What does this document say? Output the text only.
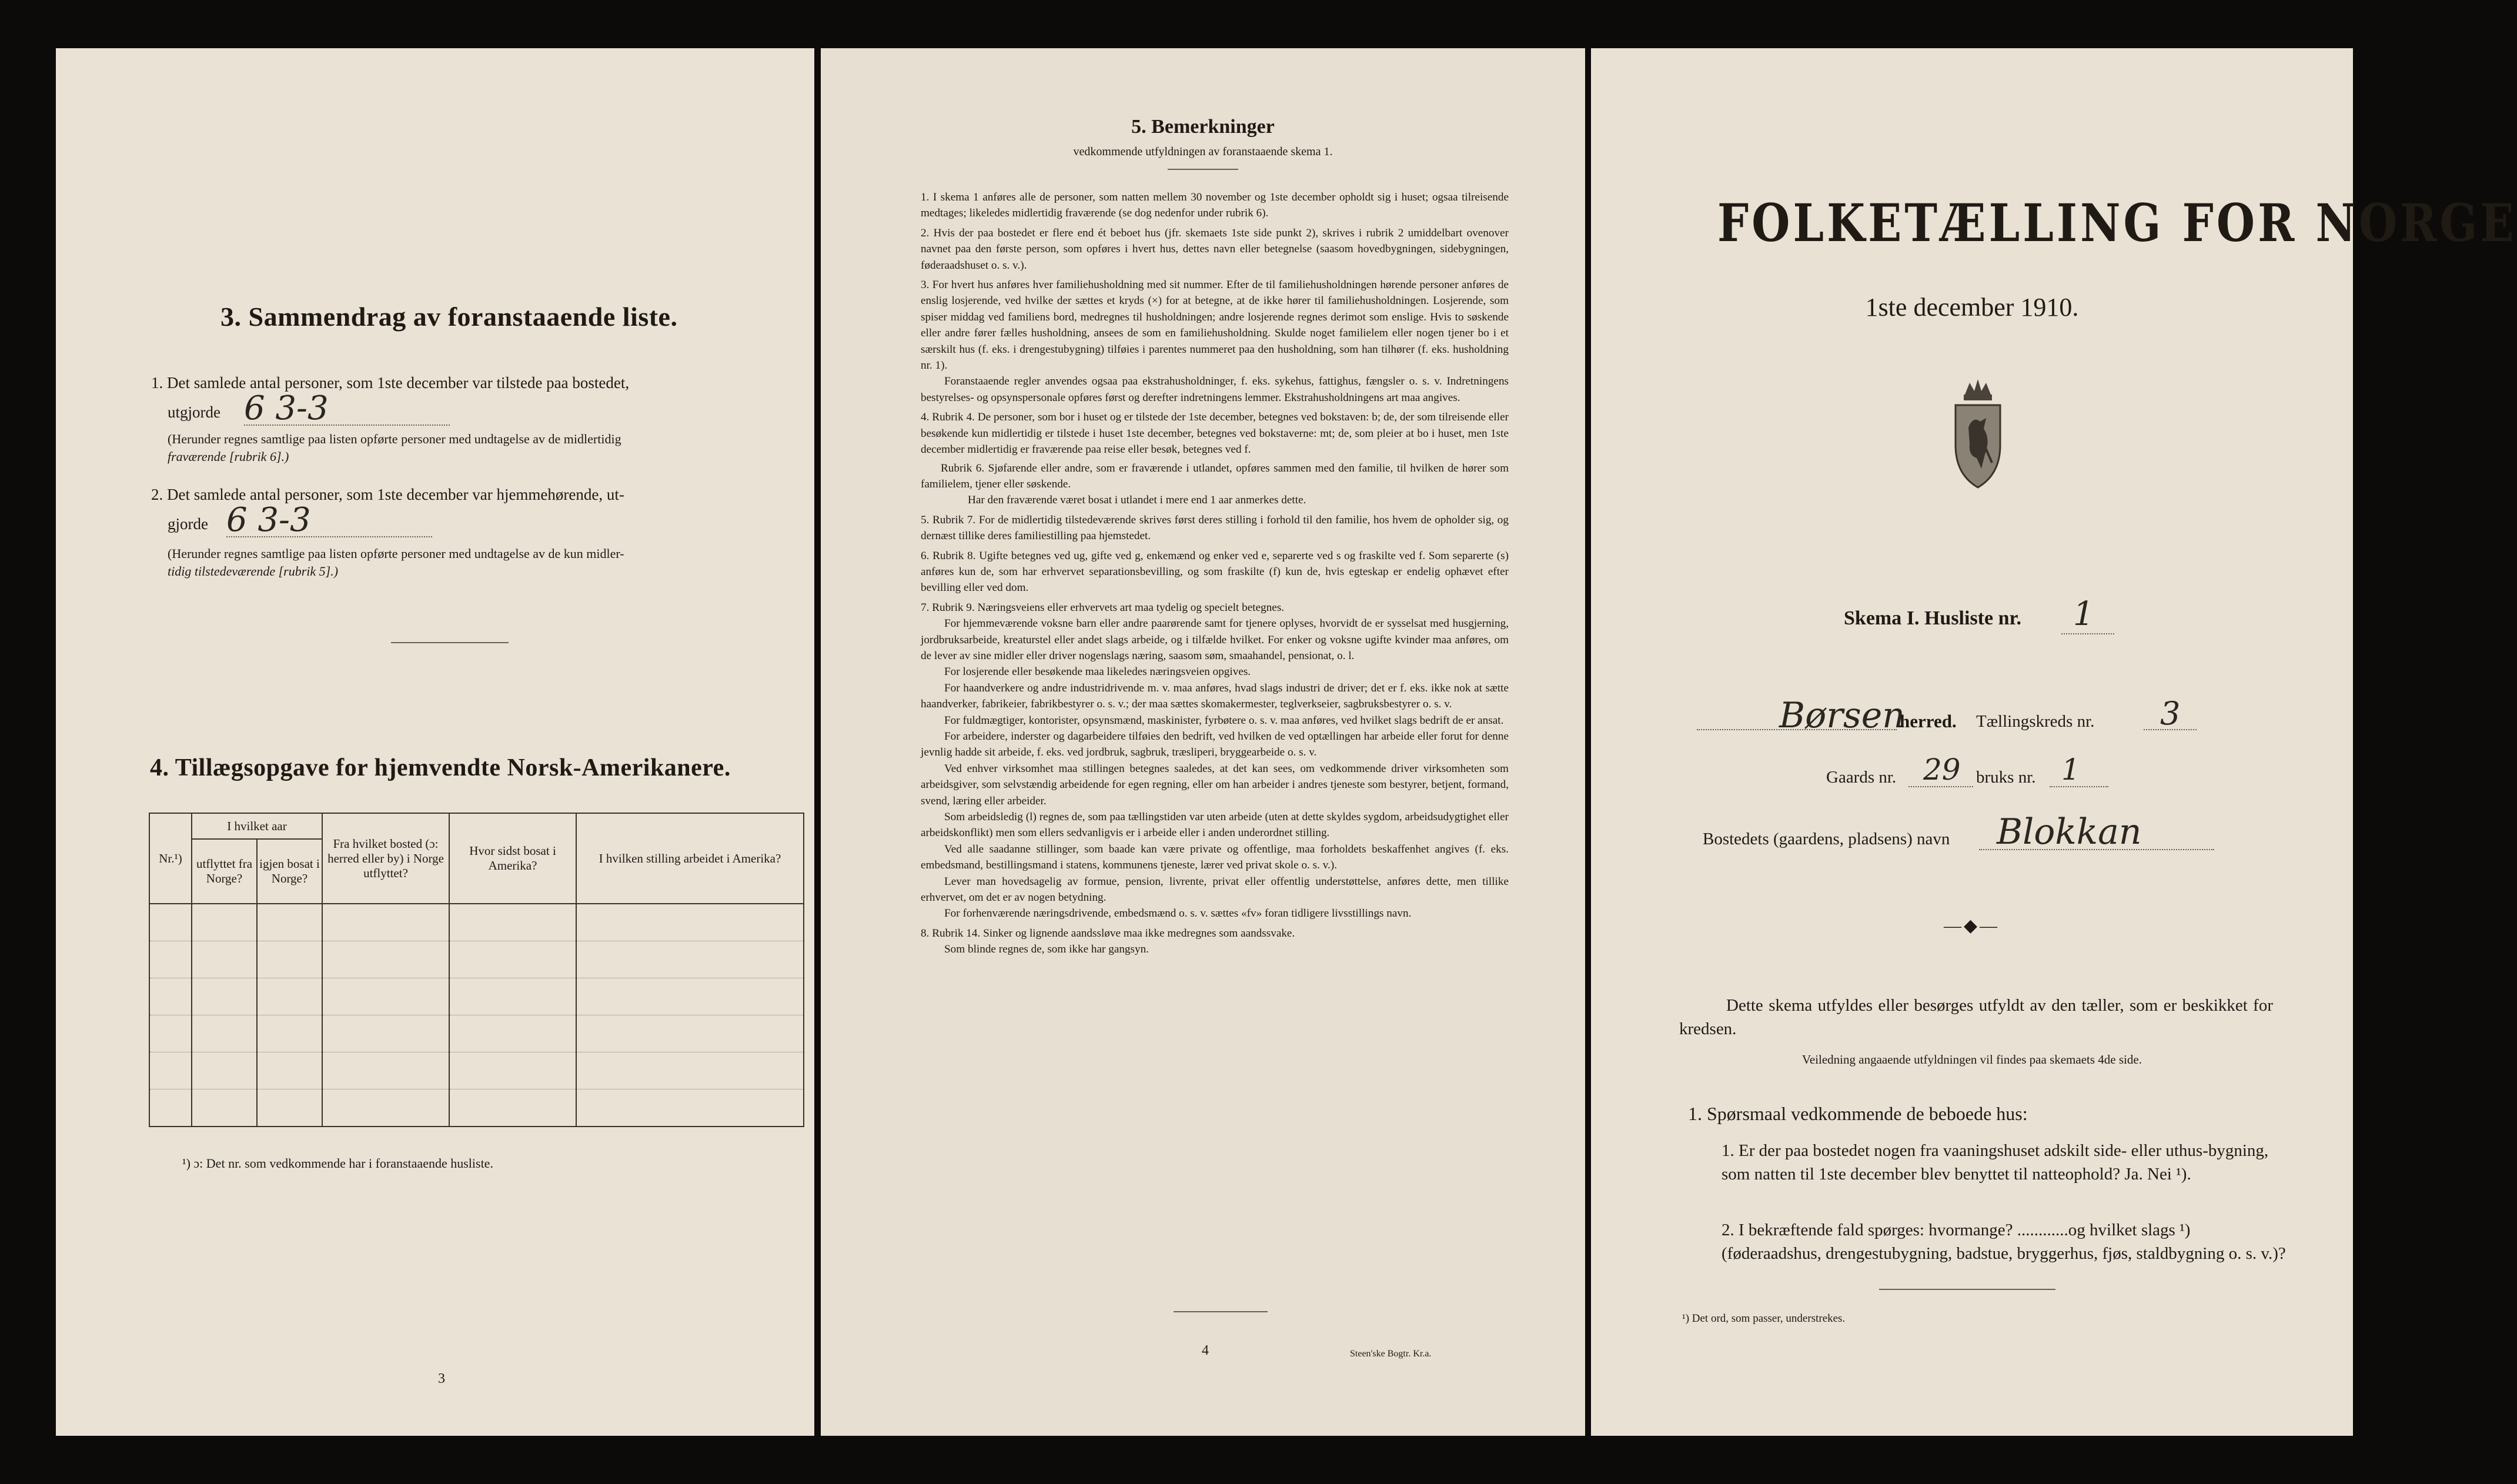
3. Sammendrag av foranstaaende liste.
1. Det samlede antal personer, som 1ste december var tilstede paa bostedet,
utgjorde 6 3-3
(Herunder regnes samtlige paa listen opførte personer med undtagelse av de midlertidig
fraværende [rubrik 6].)
2. Det samlede antal personer, som 1ste december var hjemmehørende, ut-
gjorde 6 3-3
(Herunder regnes samtlige paa listen opførte personer med undtagelse av de kun midler-
tidig tilstedeværende [rubrik 5].)
4. Tillægsopgave for hjemvendte Norsk-Amerikanere.
Nr.¹)	I hvilket aar		Fra hvilket bosted (ɔ: herred eller by) i Norge utflyttet?	Hvor sidst bosat i Amerika?	I hvilken stilling arbeidet i Amerika?
	utflyttet fra Norge?	igjen bosat i Norge?			

¹) ɔ: Det nr. som vedkommende har i foranstaaende husliste.
3
5. Bemerkninger
vedkommende utfyldningen av foranstaaende skema 1.

1. I skema 1 anføres alle de personer, som natten mellem 30 november og 1ste december opholdt sig i huset; ogsaa tilreisende medtages; likeledes midlertidig fraværende (se dog nedenfor under rubrik 6).

2. Hvis der paa bostedet er flere end ét beboet hus (jfr. skemaets 1ste side punkt 2), skrives i rubrik 2 umiddelbart ovenover navnet paa den første person, som opføres i hvert hus, dettes navn eller betegnelse (saasom hovedbygningen, sidebygningen, føderaadshuset o. s. v.).

3. For hvert hus anføres hver familiehusholdning med sit nummer. Efter de til familiehusholdningen hørende personer anføres de enslig losjerende, ved hvilke der sættes et kryds (×) for at betegne, at de ikke hører til familiehusholdningen. Losjerende, som spiser middag ved familiens bord, medregnes til husholdningen; andre losjerende regnes derimot som enslige. Hvis to søskende eller andre fører fælles husholdning, ansees de som en familiehusholdning. Skulde noget familielem eller nogen tjener bo i et særskilt hus (f. eks. i drengestubygning) tilføies i parentes nummeret paa den husholdning, som han tilhører (f. eks. husholdning nr. 1).

Foranstaaende regler anvendes ogsaa paa ekstrahusholdninger, f. eks. sykehus, fattighus, fængsler o. s. v. Indretningens bestyrelses- og opsynspersonale opføres først og derefter indretningens lemmer. Ekstrahusholdningens art maa angives.

4. Rubrik 4. De personer, som bor i huset og er tilstede der 1ste december, betegnes ved bokstaven: b; de, der som tilreisende eller besøkende kun midlertidig er tilstede i huset 1ste december, betegnes ved bokstaverne: mt; de, som pleier at bo i huset, men 1ste december midlertidig er fraværende paa reise eller besøk, betegnes ved f.

Rubrik 6. Sjøfarende eller andre, som er fraværende i utlandet, opføres sammen med den familie, til hvilken de hører som familielem, tjener eller søskende.

Har den fraværende været bosat i utlandet i mere end 1 aar anmerkes dette.

5. Rubrik 7. For de midlertidig tilstedeværende skrives først deres stilling i forhold til den familie, hos hvem de opholder sig, og dernæst tillike deres familiestilling paa hjemstedet.

6. Rubrik 8. Ugifte betegnes ved ug, gifte ved g, enkemænd og enker ved e, separerte ved s og fraskilte ved f. Som separerte (s) anføres kun de, som har erhvervet separationsbevilling, og som fraskilte (f) kun de, hvis egteskap er endelig ophævet efter bevilling eller ved dom.

7. Rubrik 9. Næringsveiens eller erhvervets art maa tydelig og specielt betegnes.

For hjemmeværende voksne barn eller andre paarørende samt for tjenere oplyses, hvorvidt de er sysselsat med husgjerning, jordbruksarbeide, kreaturstel eller andet slags arbeide, og i tilfælde hvilket. For enker og voksne ugifte kvinder maa anføres, om de lever av sine midler eller driver nogenslags næring, saasom søm, smaahandel, pensionat, o. l.

For losjerende eller besøkende maa likeledes næringsveien opgives.

For haandverkere og andre industridrivende m. v. maa anføres, hvad slags industri de driver; det er f. eks. ikke nok at sætte haandverker, fabrikeier, fabrikbestyrer o. s. v.; der maa sættes skomakermester, teglverkseier, sagbruksbestyrer o. s. v.

For fuldmægtiger, kontorister, opsynsmænd, maskinister, fyrbøtere o. s. v. maa anføres, ved hvilket slags bedrift de er ansat.

For arbeidere, inderster og dagarbeidere tilføies den bedrift, ved hvilken de ved optællingen har arbeide eller forut for denne jevnlig hadde sit arbeide, f. eks. ved jordbruk, sagbruk, træsliperi, bryggearbeide o. s. v.

Ved enhver virksomhet maa stillingen betegnes saaledes, at det kan sees, om vedkommende driver virksomheten som arbeidsgiver, som selvstændig arbeidende for egen regning, eller om han arbeider i andres tjeneste som bestyrer, betjent, formand, svend, læring eller arbeider.

Som arbeidsledig (l) regnes de, som paa tællingstiden var uten arbeide (uten at dette skyldes sygdom, arbeidsudygtighet eller arbeidskonflikt) men som ellers sedvanligvis er i arbeide eller i anden underordnet stilling.

Ved alle saadanne stillinger, som baade kan være private og offentlige, maa forholdets beskaffenhet angives (f. eks. embedsmand, bestillingsmand i statens, kommunens tjeneste, lærer ved privat skole o. s. v.).

Lever man hovedsagelig av formue, pension, livrente, privat eller offentlig understøttelse, anføres dette, men tillike erhvervet, om det er av nogen betydning.

For forhenværende næringsdrivende, embedsmænd o. s. v. sættes «fv» foran tidligere livsstillings navn.

8. Rubrik 14. Sinker og lignende aandssløve maa ikke medregnes som aandssvake.

Som blinde regnes de, som ikke har gangsyn.

4	Steen'ske Bogtr. Kr.a.
FOLKETÆLLING FOR NORGE
1ste december 1910.
Skema I. Husliste nr. 1
Børsen
herred. Tællingskreds nr. 3
Gaards nr. 29 bruks nr. 1
Bostedets (gaardens, pladsens) navn Blokkan
—◆—
Dette skema utfyldes eller besørges utfyldt av den tæller, som er beskikket for kredsen.
Veiledning angaaende utfyldningen vil findes paa skemaets 4de side.
1. Spørsmaal vedkommende de beboede hus:
1. Er der paa bostedet nogen fra vaaningshuset adskilt side- eller uthus-bygning, som natten til 1ste december blev benyttet til natteophold? Ja. Nei ¹).
2. I bekræftende fald spørges: hvormange? ............og hvilket slags ¹) (føderaadshus, drengestubygning, badstue, bryggerhus, fjøs, staldbygning o. s. v.)?
¹) Det ord, som passer, understrekes.
